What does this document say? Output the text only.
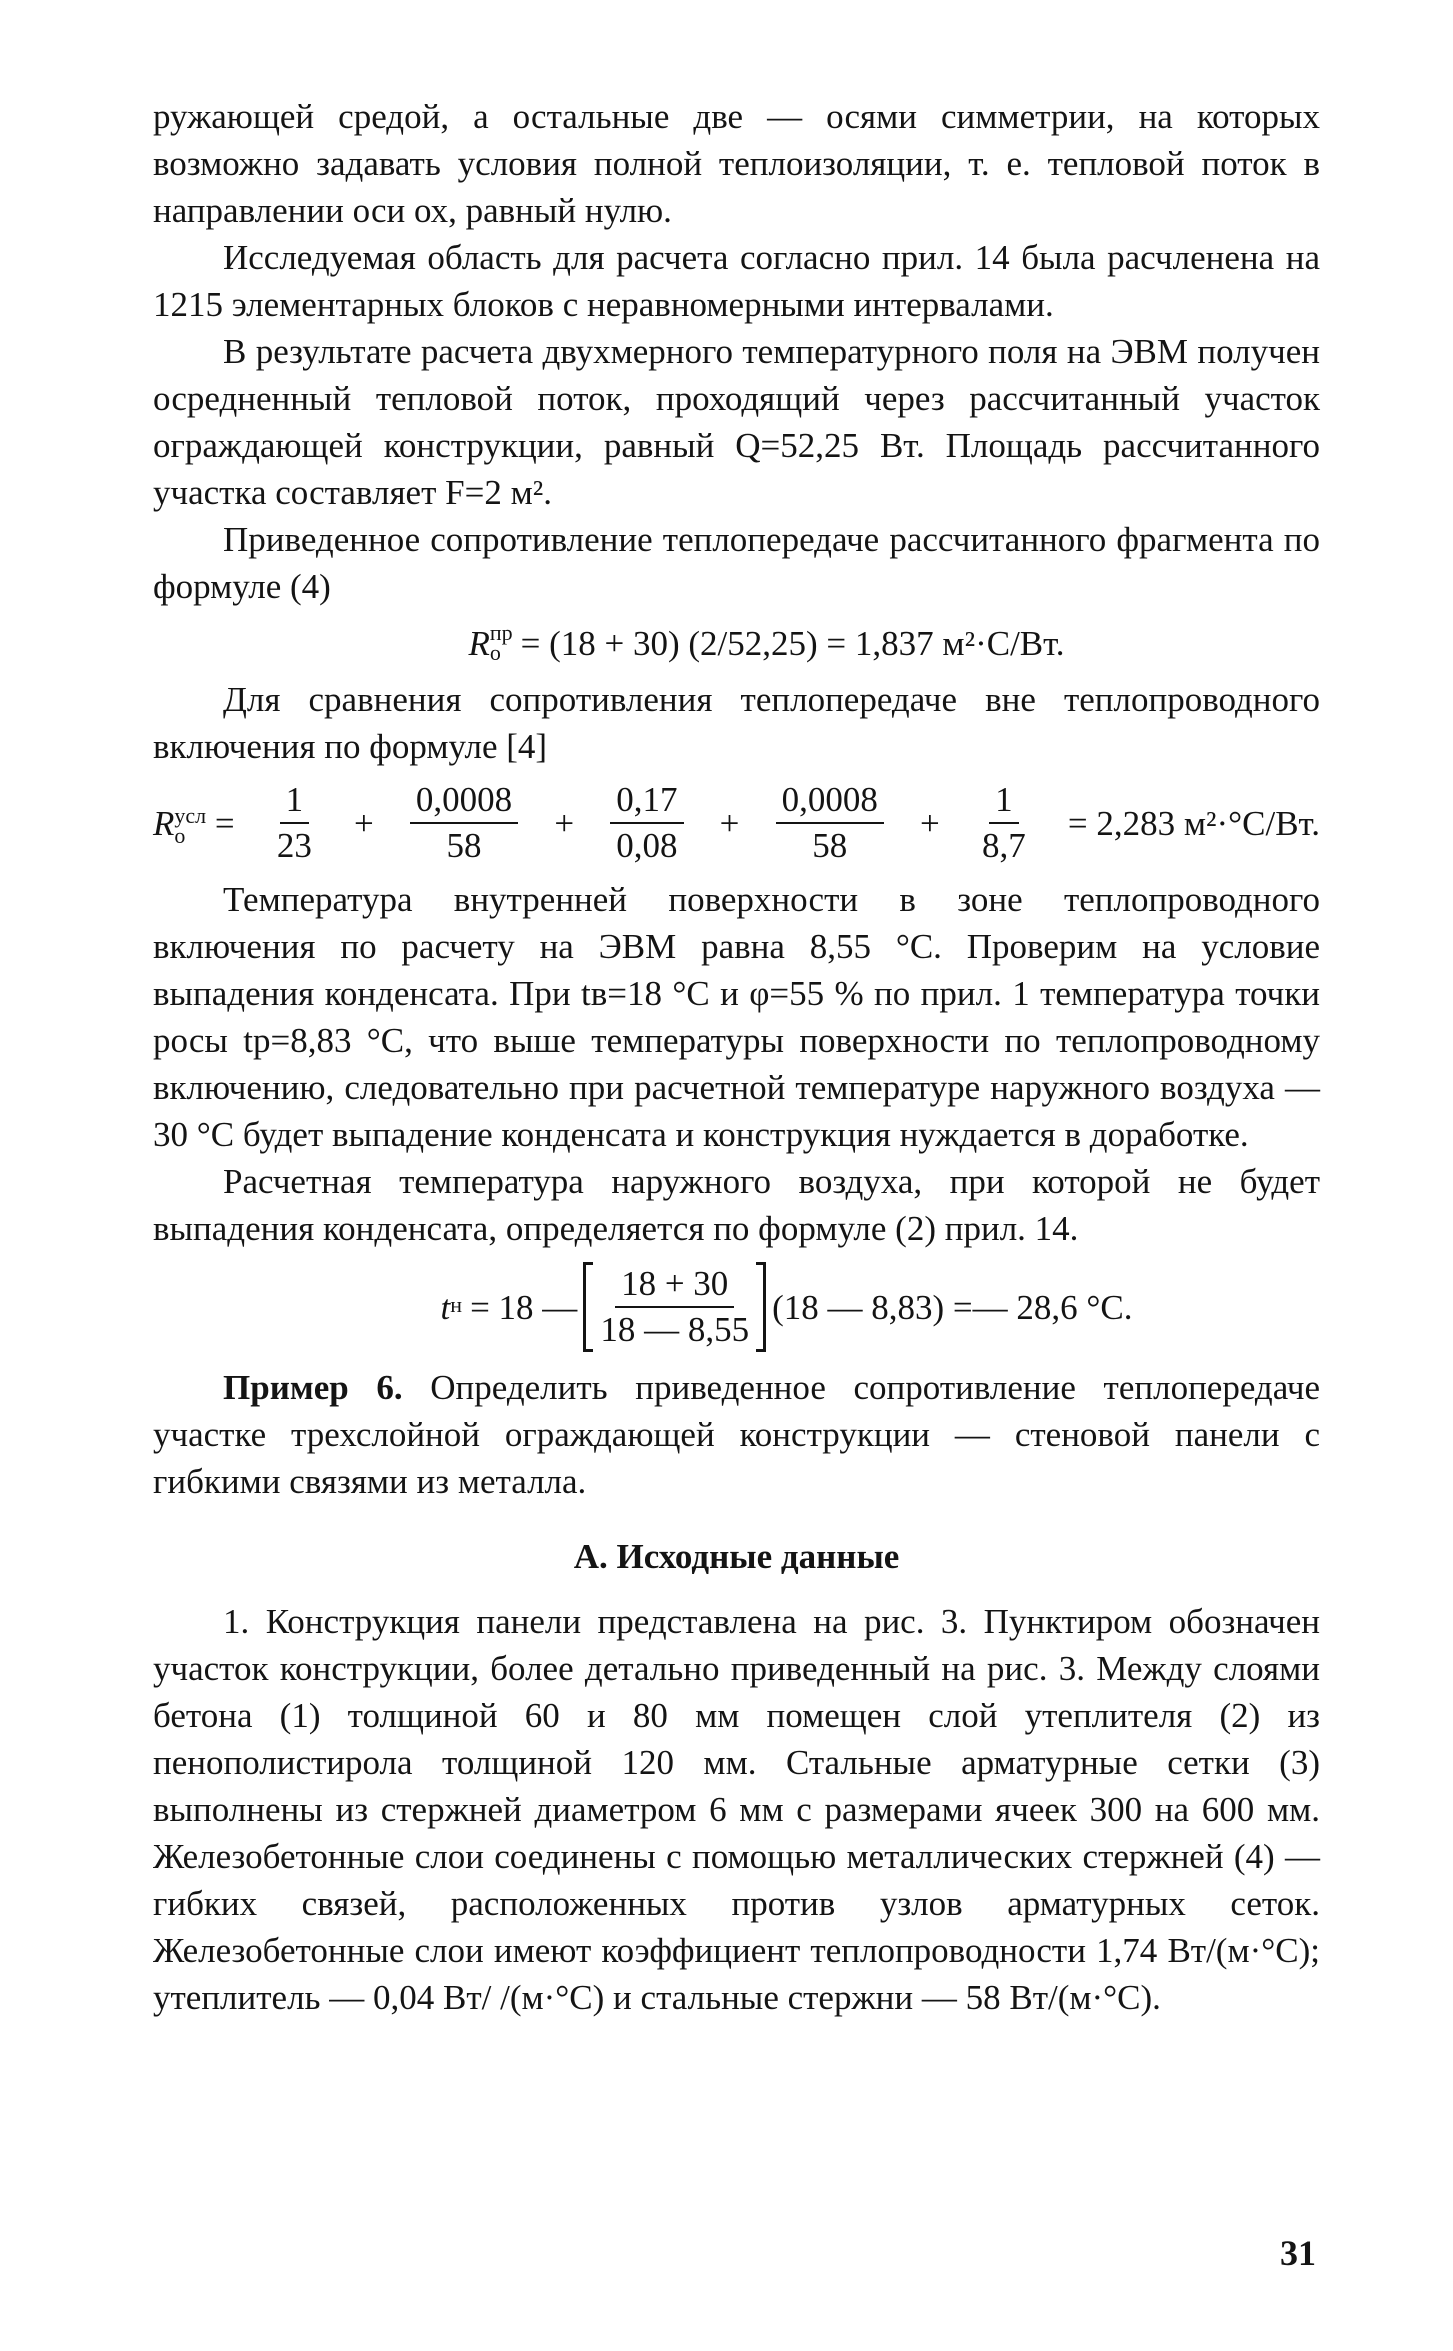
ружающей средой, а остальные две — осями симметрии, на которых возможно задавать условия полной теплоизоляции, т. е. тепловой поток в направлении оси ох, равный нулю.

Исследуемая область для расчета согласно прил. 14 была расчленена на 1215 элементарных блоков с неравномерными интервалами.

В результате расчета двухмерного температурного поля на ЭВМ получен осредненный тепловой поток, проходящий через рассчитанный участок ограждающей конструкции, равный Q=52,25 Вт. Площадь рассчитанного участка составляет F=2 м².

Приведенное сопротивление теплопередаче рассчитанного фрагмента по формуле (4)

R пр
о = (18 + 30) (2/52,25) = 1,837 м²·С/Вт.

Для сравнения сопротивления теплопередаче вне теплопроводного включения по формуле [4]

R усл
$о = \frac{1}{23} + \frac{0,0008}{58} + \frac{0,17}{0,08} + \frac{0,0008}{58} + \frac{1}{8,7} = 2,283$ м²·°С/Вт.

Температура внутренней поверхности в зоне теплопроводного включения по расчету на ЭВМ равна 8,55 °С. Проверим на условие выпадения конденсата. При tв=18 °С и φ=55 % по прил. 1 температура точки росы tр=8,83 °С, что выше температуры поверхности по теплопроводному включению, следовательно при расчетной температуре наружного воздуха —30 °С будет выпадение конденсата и конструкция нуждается в доработке.

Расчетная температура наружного воздуха, при которой не будет выпадения конденсата, определяется по формуле (2) прил. 14.

t н = 18 — $\frac{18 + 30}{18 — 8,55} (18$ — 8,83) =— 28,6 °С.

Пример 6. Определить приведенное сопротивление теплопередаче участке трехслойной ограждающей конструкции — стеновой панели с гибкими связями из металла.

А. Исходные данные

1. Конструкция панели представлена на рис. 3. Пунктиром обозначен участок конструкции, более детально приведенный на рис. 3. Между слоями бетона (1) толщиной 60 и 80 мм помещен слой утеплителя (2) из пенополистирола толщиной 120 мм. Стальные арматурные сетки (3) выполнены из стержней диаметром 6 мм с размерами ячеек 300 на 600 мм. Железобетонные слои соединены с помощью металлических стержней (4) — гибких связей, расположенных против узлов арматурных сеток. Железобетонные слои имеют коэффициент теплопроводности 1,74 Вт/(м·°С); утеплитель — 0,04 Вт/ /(м·°С) и стальные стержни — 58 Вт/(м·°С).

31
